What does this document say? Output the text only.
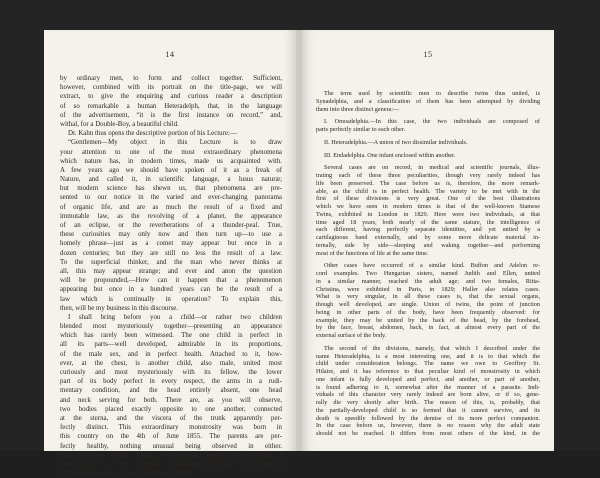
14
by ordinary men, to form and collect together. Sufficient,
however, combined with its portrait on the title-page, we will
extract, to give the enquiring and curious reader a description
of so remarkable a human Heteradelph, that, in the language
of the advertisement, “it is the first instance on record,” and,
withal, for a Double-Boy, a beautiful child.
Dr. Kahn thus opens the descriptive portion of his Lecture:—
“Gentlemen—My object in this Lecture is to draw
your attention to one of the most extraordinary phenomena
which nature has, in modern times, made us acquainted with.
A few years ago we should have spoken of it as a freak of
Nature, and called it, in scientific language, a lusus naturæ;
but modern science has shewn us, that phenomena are pre-
sented to our notice in the varied and ever-changing panorama
of organic life, and are as much the result of a fixed and
immutable law, as the revolving of a planet, the appearance
of an eclipse, or the reverberations of a thunder-peal. True,
these curiosities may only now and then turn up—to use a
homely phrase—just as a comet may appear but once in a
dozen centuries; but they are still no less the result of a law.
To the superficial thinker, and the man who never thinks at
all, this may appear strange; and ever and anon the question
will be propounded,—How can it happen that a phenomenon
appearing but once in a hundred years can be the result of a
law which is continually in operation? To explain this,
then, will be my business in this discourse.
I shall bring before you a child—or rather two children
blended most mysteriously together—presenting an appearance
which has rarely been witnessed. The one child is perfect in
all its parts—well developed, admirable in its proportions,
of the male sex, and in perfect health. Attached to it, how-
ever, at the chest, is another child, also male, united most
curiously and most mysteriously with its fellow, the lower
part of its body perfect in every respect, the arms in a rudi-
mentary condition, and the head entirely absent, one head
and neck serving for both. There are, as you will observe,
two bodies placed exactly opposite to one another, connected
at the sterna, and the viscera of the trunk apparently per-
fectly distinct. This extraordinary monstrosity was born in
this country on the 4th of June 1855. The parents are per-
fectly healthy, nothing unusual being observed in either.
This is their ninth child, all the rest being quite normal. I
must beg to be excused mentioning names, the parents
having an objection to their's being made public.
15
The term used by scientific men to describe twins thus united, is
Synadelphia, and a classification of them has been attempted by dividing
them into three distinct genera:—
I. Omoadelphia.—In this case, the two individuals are composed of
parts perfectly similar to each other.
II. Heteradelphia.—A union of two dissimilar individuals.
III. Endadelphia. One infant enclosed within another.
Several cases are on record, in medical and scientific journals, illus-
trating each of these three peculiarities, though very rarely indeed has
life been preserved. The case before us is, therefore, the more remark-
able, as the child is in perfect health. The variety to be met with in the
first of these divisions is very great. One of the best illustrations
which we have seen in modern times is that of the well-known Siamese
Twins, exhibited in London in 1829. Here were two individuals, at that
time aged 18 years, both nearly of the same stature, the intelligence of
each different, having perfectly separate identities, and yet united by a
cartilaginous band externally, and by some more delicate material in-
ternally, side by side—sleeping and waking together—and performing
most of the functions of life at the same time.
Other cases have occurred of a similar kind. Buffon and Adelon re-
cord examples. Two Hungarian sisters, named Judith and Ellen, united
in a similar manner, reached the adult age; and two females, Ritta-
Christina, were exhibited in Paris, in 1829; Haller also relates cases.
What is very singular, in all these cases is, that the sexual organs,
though well developed, are single. Union of twins, the point of junction
being in other parts of the body, have been frequently observed: for
example, they may be united by the back of the head, by the forehead,
by the face, breast, abdomen, back, in fact, at almost every part of the
external surface of the body.
The second of the divisions, namely, that which I described under the
name Heteradelphia, is a most interesting one, and it is to that which the
child under consideration belongs. The name we owe to Geoffrey St.
Hilaire, and it has reference to that peculiar kind of monstrosity in which
one infant is fully developed and perfect, and another, or part of another,
is found adhering to it, somewhat after the manner of a parasite. Indi-
viduals of this character very rarely indeed are born alive, or if so, gene-
rally die very shortly after birth. The reason of this, is, probably, that
the partially-developed child is so formed that it cannot survive, and its
death is speedily followed by the demise of its more perfect companion.
In the case before us, however, there is no reason why the adult state
should not be reached. It differs from most others of the kind, in the
